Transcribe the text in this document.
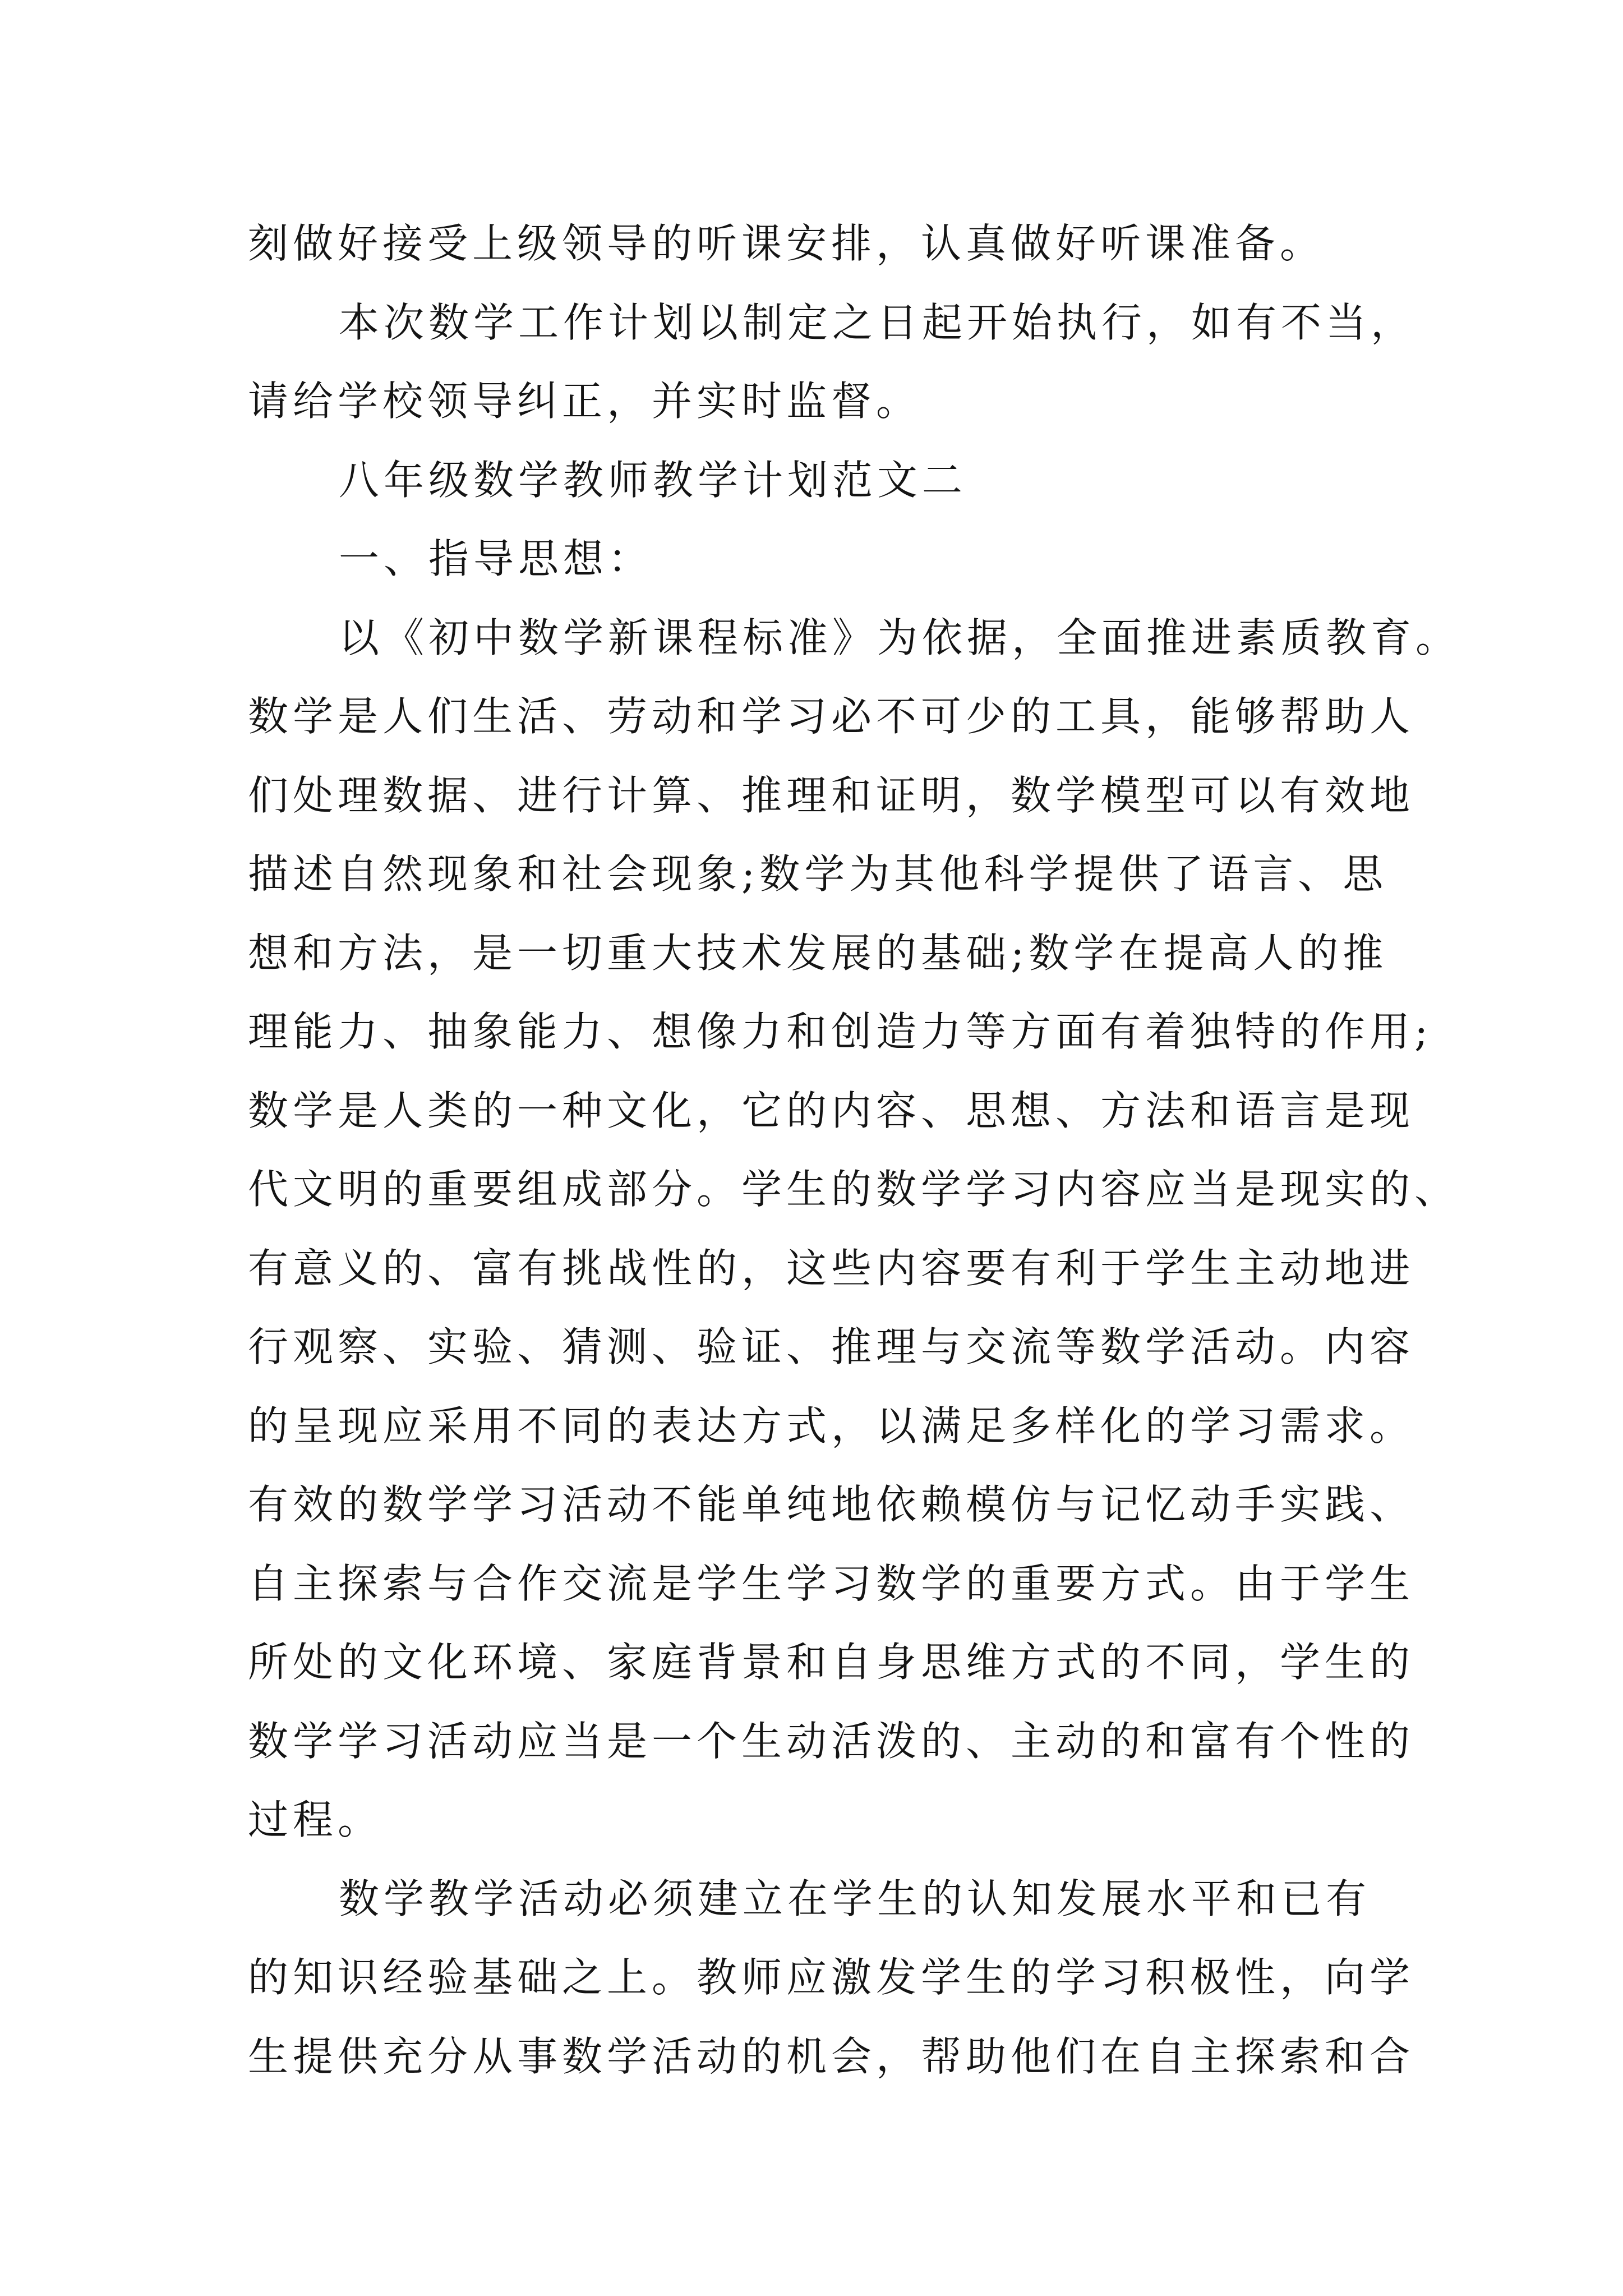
刻做好接受上级领导的听课安排，认真做好听课准备。
本次数学工作计划以制定之日起开始执行，如有不当，
请给学校领导纠正，并实时监督。
八年级数学教师教学计划范文二
一、指导思想：
以《初中数学新课程标准》为依据，全面推进素质教育。
数学是人们生活、劳动和学习必不可少的工具，能够帮助人
们处理数据、进行计算、推理和证明，数学模型可以有效地
描述自然现象和社会现象;数学为其他科学提供了语言、思
想和方法，是一切重大技术发展的基础;数学在提高人的推
理能力、抽象能力、想像力和创造力等方面有着独特的作用;
数学是人类的一种文化，它的内容、思想、方法和语言是现
代文明的重要组成部分。学生的数学学习内容应当是现实的、
有意义的、富有挑战性的，这些内容要有利于学生主动地进
行观察、实验、猜测、验证、推理与交流等数学活动。内容
的呈现应采用不同的表达方式，以满足多样化的学习需求。
有效的数学学习活动不能单纯地依赖模仿与记忆动手实践、
自主探索与合作交流是学生学习数学的重要方式。由于学生
所处的文化环境、家庭背景和自身思维方式的不同，学生的
数学学习活动应当是一个生动活泼的、主动的和富有个性的
过程。
数学教学活动必须建立在学生的认知发展水平和已有
的知识经验基础之上。教师应激发学生的学习积极性，向学
生提供充分从事数学活动的机会，帮助他们在自主探索和合
